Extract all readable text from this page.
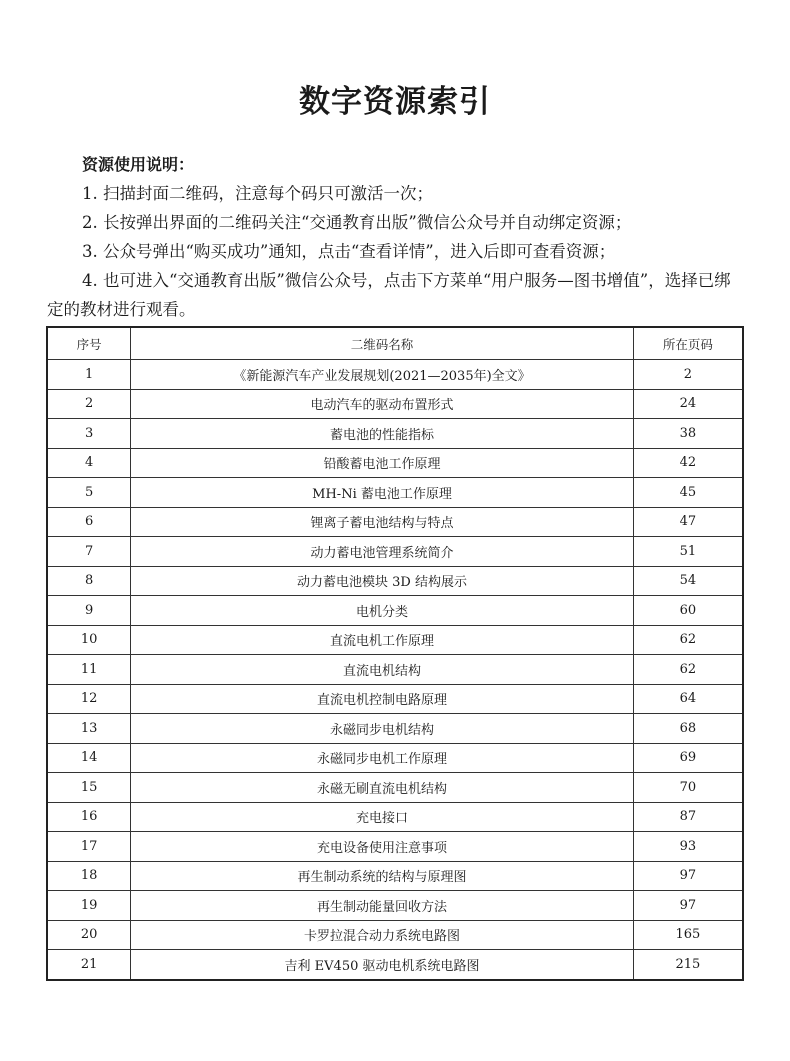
数字资源索引
资源使用说明：
1. 扫描封面二维码，注意每个码只可激活一次；
2. 长按弹出界面的二维码关注“交通教育出版”微信公众号并自动绑定资源；
3. 公众号弹出“购买成功”通知，点击“查看详情”，进入后即可查看资源；
4. 也可进入“交通教育出版”微信公众号，点击下方菜单“用户服务—图书增值”，选择已绑定的教材进行观看。
序号	二维码名称	所在页码
1	《新能源汽车产业发展规划(2021—2035年)全文》	2
2	电动汽车的驱动布置形式	24
3	蓄电池的性能指标	38
4	铅酸蓄电池工作原理	42
5	MH-Ni 蓄电池工作原理	45
6	锂离子蓄电池结构与特点	47
7	动力蓄电池管理系统简介	51
8	动力蓄电池模块 3D 结构展示	54
9	电机分类	60
10	直流电机工作原理	62
11	直流电机结构	62
12	直流电机控制电路原理	64
13	永磁同步电机结构	68
14	永磁同步电机工作原理	69
15	永磁无刷直流电机结构	70
16	充电接口	87
17	充电设备使用注意事项	93
18	再生制动系统的结构与原理图	97
19	再生制动能量回收方法	97
20	卡罗拉混合动力系统电路图	165
21	吉利 EV450 驱动电机系统电路图	215
